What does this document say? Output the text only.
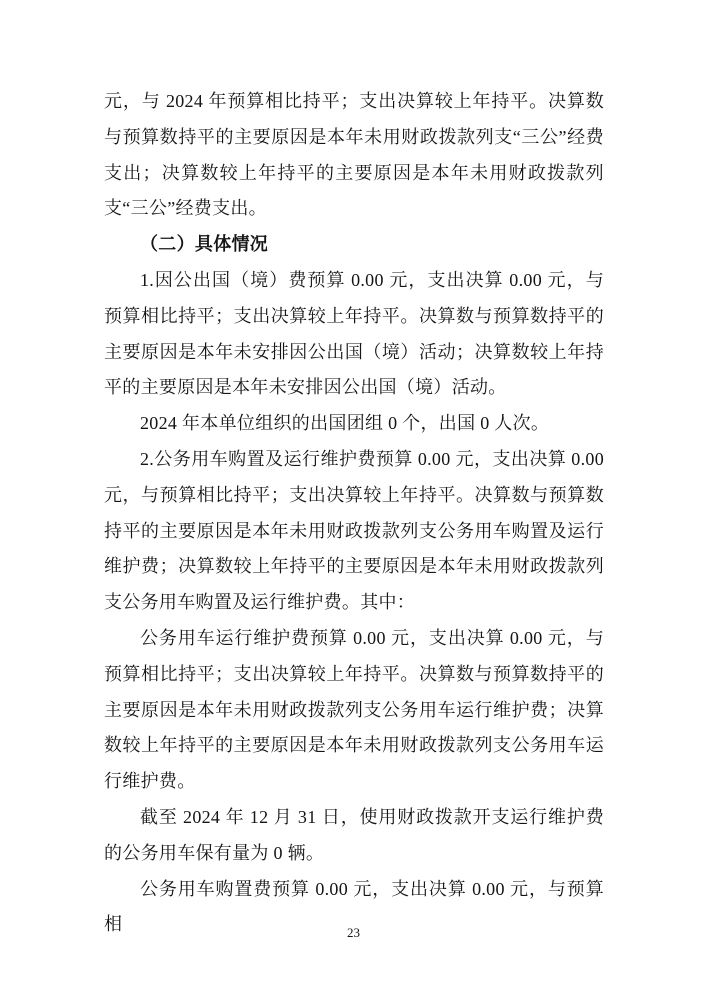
元，与 2024 年预算相比持平；支出决算较上年持平。决算数与预算数持平的主要原因是本年未用财政拨款列支“三公”经费支出；决算数较上年持平的主要原因是本年未用财政拨款列支“三公”经费支出。

（二）具体情况

1.因公出国（境）费预算 0.00 元，支出决算 0.00 元，与预算相比持平；支出决算较上年持平。决算数与预算数持平的主要原因是本年未安排因公出国（境）活动；决算数较上年持平的主要原因是本年未安排因公出国（境）活动。

2024 年本单位组织的出国团组 0 个，出国 0 人次。

2.公务用车购置及运行维护费预算 0.00 元，支出决算 0.00 元，与预算相比持平；支出决算较上年持平。决算数与预算数持平的主要原因是本年未用财政拨款列支公务用车购置及运行维护费；决算数较上年持平的主要原因是本年未用财政拨款列支公务用车购置及运行维护费。其中：

公务用车运行维护费预算 0.00 元，支出决算 0.00 元，与预算相比持平；支出决算较上年持平。决算数与预算数持平的主要原因是本年未用财政拨款列支公务用车运行维护费；决算数较上年持平的主要原因是本年未用财政拨款列支公务用车运行维护费。

截至 2024 年 12 月 31 日，使用财政拨款开支运行维护费的公务用车保有量为 0 辆。

公务用车购置费预算 0.00 元，支出决算 0.00 元，与预算相	23
